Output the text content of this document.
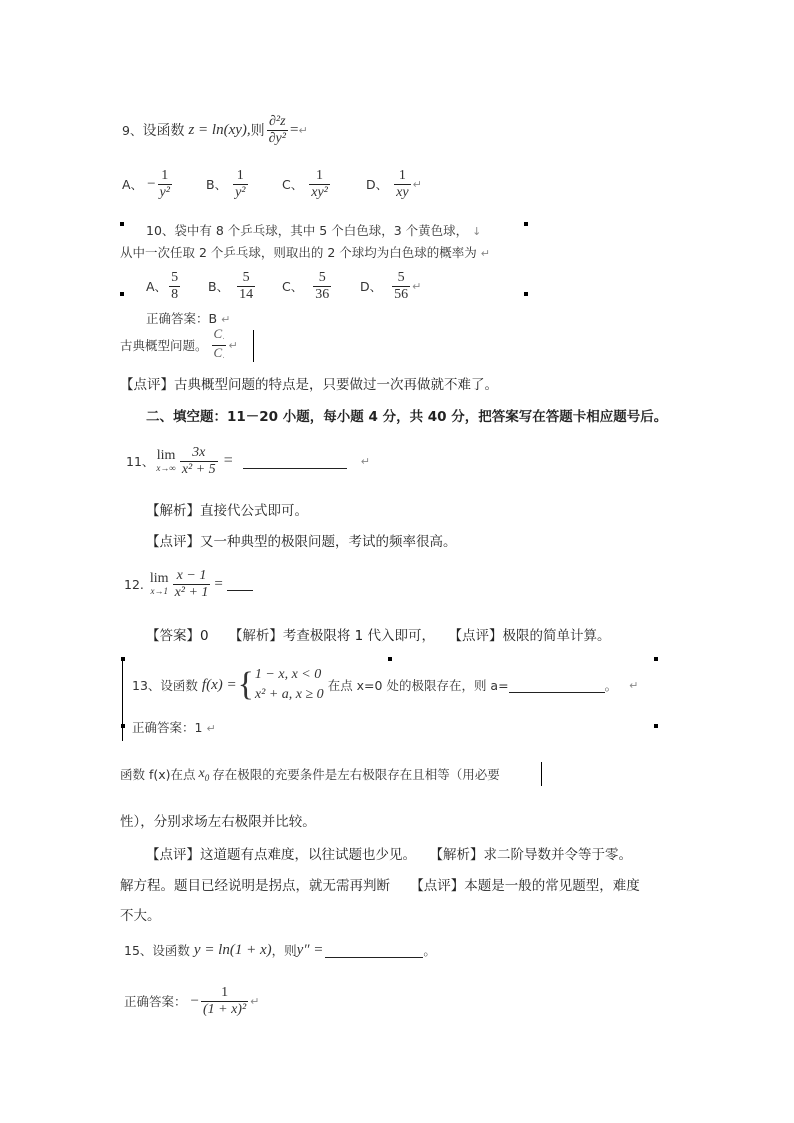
9、 设函数 z = ln(xy), 则 $\frac{\text{∂²z}}{\text{∂y²}}$ = ↵
A、 − $\frac{1}{\text{y²}}$	B、 $\frac{1}{\text{y²}}$	C、 $\frac{1}{\text{xy²}}$	D、 $\frac{1}{xy}$ ↵
10、袋中有 8 个乒乓球，其中 5 个白色球，3 个黄色球， ↓
从中一次任取 2 个乒乓球，则取出的 2 个球均为白色球的概率为 ↵
A、 $\frac{5}{8}$ B、 $\frac{5}{14}$ C、 $\frac{5}{36}$ D、 $\frac{5}{56}$ ↵
正确答案：B ↵
古典概型问题。 $\frac{C_\cdot}{C_\cdot}$ ↵
【点评】古典概型问题的特点是，只要做过一次再做就不难了。
二、填空题：11－20 小题，每小题 4 分，共 40 分，把答案写在答题卡相应题号后。
11、 lim
$x\to\infty \frac{3x}{\text{x² + 5}}$ =	↵
【解析】直接代公式即可。
【点评】又一种典型的极限问题，考试的频率很高。
12. lim
$x\to 1 \frac{x - 1}{\text{x² + 1}}$ =
【答案】0　　【解析】考查极限将 1 代入即可，　　【点评】极限的简单计算。
13、设函数 f(x) = { 1 − x, x < 0
x² + a, x ≥ 0
在点 x=0 处的极限存在，则 a=	。 ↵
正确答案：1 ↵
函数 f(x)在点 $x_0$ 存在极限的充要条件是左右极限存在且相等（用必要
性），分别求场左右极限并比较。
【点评】这道题有点难度，以往试题也少见。　　【解析】求二阶导数并令等于零。
解方程。题目已经说明是拐点，就无需再判断　　【点评】本题是一般的常见题型，难度
不大。
15、设函数 y = ln(1 + x) ，则 y″ =	。
正确答案： − $\frac{1}{\text{(1 + x)²}}$ ↵
